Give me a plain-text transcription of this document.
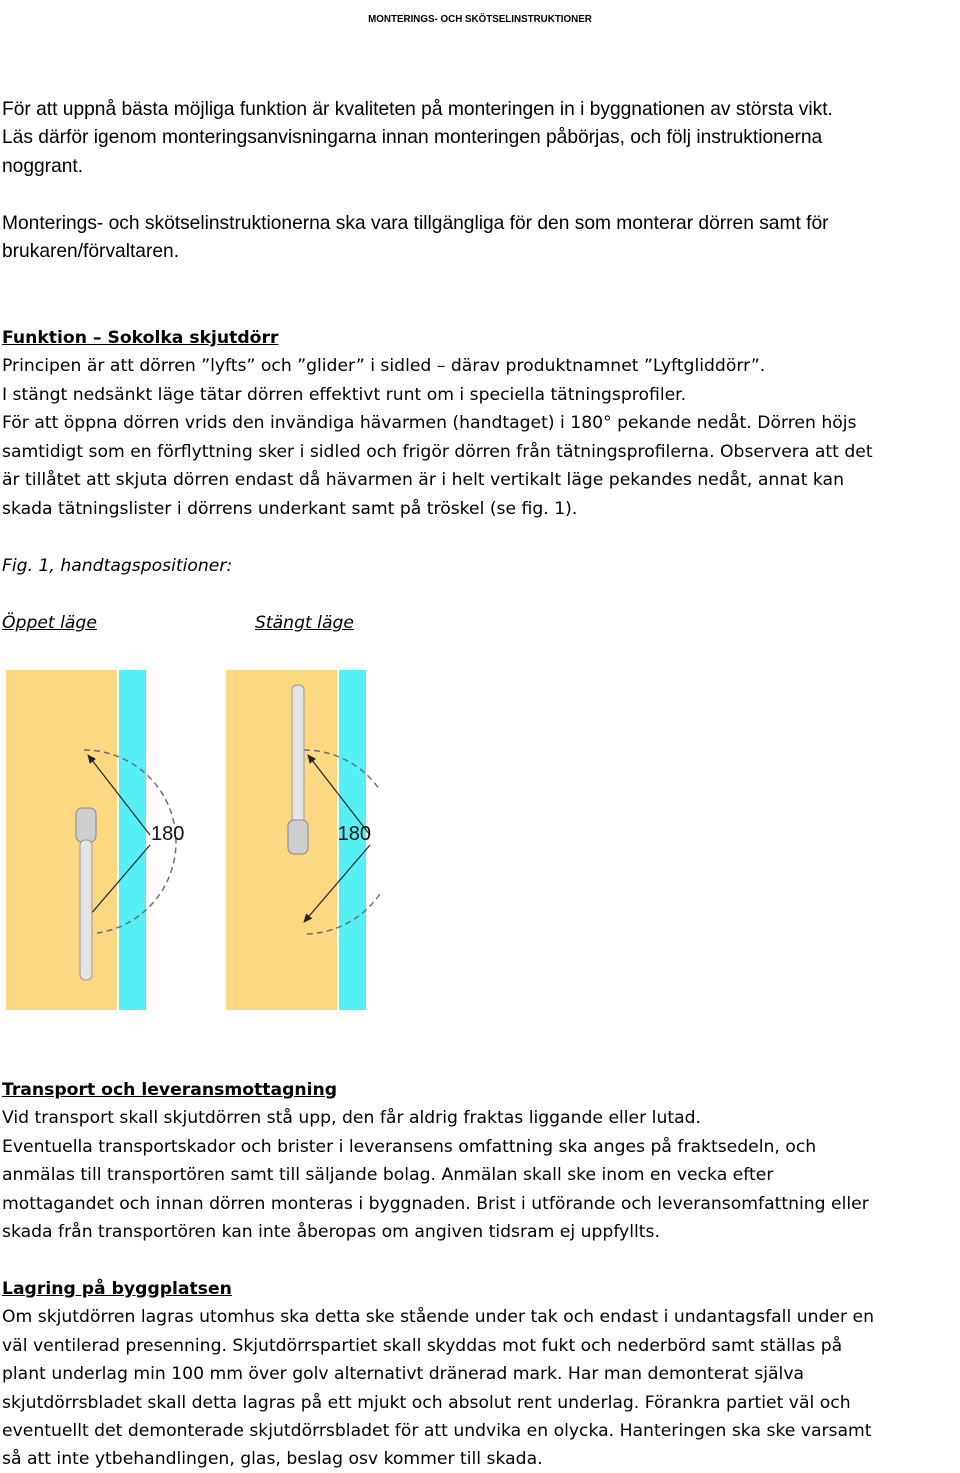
MONTERINGS- OCH SKÖTSELINSTRUKTIONER
För att uppnå bästa möjliga funktion är kvaliteten på monteringen in i byggnationen av största vikt.
Läs därför igenom monteringsanvisningarna innan monteringen påbörjas, och följ instruktionerna
noggrant.
Monterings- och skötselinstruktionerna ska vara tillgängliga för den som monterar dörren samt för
brukaren/förvaltaren.
Funktion – Sokolka skjutdörr
Principen är att dörren ”lyfts” och ”glider” i sidled – därav produktnamnet ”Lyftgliddörr”.
I stängt nedsänkt läge tätar dörren effektivt runt om i speciella tätningsprofiler.
För att öppna dörren vrids den invändiga hävarmen (handtaget) i 180° pekande nedåt. Dörren höjs
samtidigt som en förflyttning sker i sidled och frigör dörren från tätningsprofilerna. Observera att det
är tillåtet att skjuta dörren endast då hävarmen är i helt vertikalt läge pekandes nedåt, annat kan
skada tätningslister i dörrens underkant samt på tröskel (se fig. 1).
Fig. 1, handtagspositioner:
Öppet läge	Stängt läge
180	180
Transport och leveransmottagning
Vid transport skall skjutdörren stå upp, den får aldrig fraktas liggande eller lutad.
Eventuella transportskador och brister i leveransens omfattning ska anges på fraktsedeln, och
anmälas till transportören samt till säljande bolag. Anmälan skall ske inom en vecka efter
mottagandet och innan dörren monteras i byggnaden. Brist i utförande och leveransomfattning eller
skada från transportören kan inte åberopas om angiven tidsram ej uppfyllts.
Lagring på byggplatsen
Om skjutdörren lagras utomhus ska detta ske stående under tak och endast i undantagsfall under en
väl ventilerad presenning. Skjutdörrspartiet skall skyddas mot fukt och nederbörd samt ställas på
plant underlag min 100 mm över golv alternativt dränerad mark. Har man demonterat själva
skjutdörrsbladet skall detta lagras på ett mjukt och absolut rent underlag. Förankra partiet väl och
eventuellt det demonterade skjutdörrsbladet för att undvika en olycka. Hanteringen ska ske varsamt
så att inte ytbehandlingen, glas, beslag osv kommer till skada.
